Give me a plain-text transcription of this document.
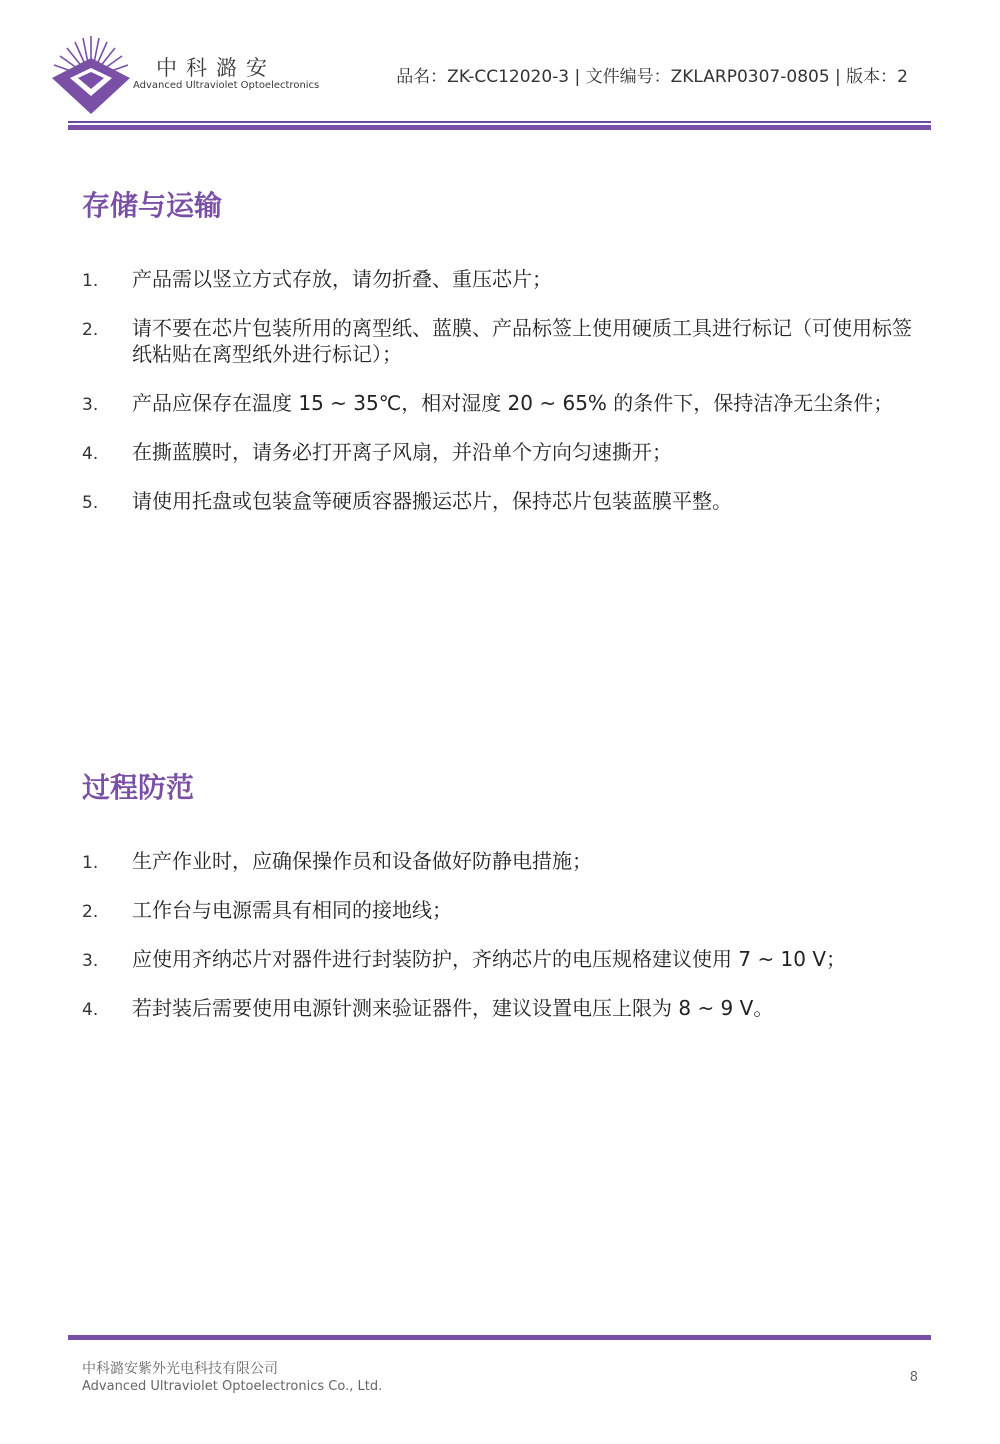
中科潞安
Advanced Ultraviolet Optoelectronics	品名：ZK-CC12020-3 | 文件编号：ZKLARP0307-0805 | 版本：2
存储与运输
1. 产品需以竖立方式存放，请勿折叠、重压芯片；
2. 请不要在芯片包装所用的离型纸、蓝膜、产品标签上使用硬质工具进行标记（可使用标签纸粘贴在离型纸外进行标记）；
3. 产品应保存在温度 15 ~ 35℃，相对湿度 20 ~ 65% 的条件下，保持洁净无尘条件；
4. 在撕蓝膜时，请务必打开离子风扇，并沿单个方向匀速撕开；
5. 请使用托盘或包装盒等硬质容器搬运芯片，保持芯片包装蓝膜平整。
过程防范
1. 生产作业时，应确保操作员和设备做好防静电措施；
2. 工作台与电源需具有相同的接地线；
3. 应使用齐纳芯片对器件进行封装防护，齐纳芯片的电压规格建议使用 7 ~ 10 V；
4. 若封装后需要使用电源针测来验证器件，建议设置电压上限为 8 ~ 9 V。
中科潞安紫外光电科技有限公司
Advanced Ultraviolet Optoelectronics Co., Ltd.
8
